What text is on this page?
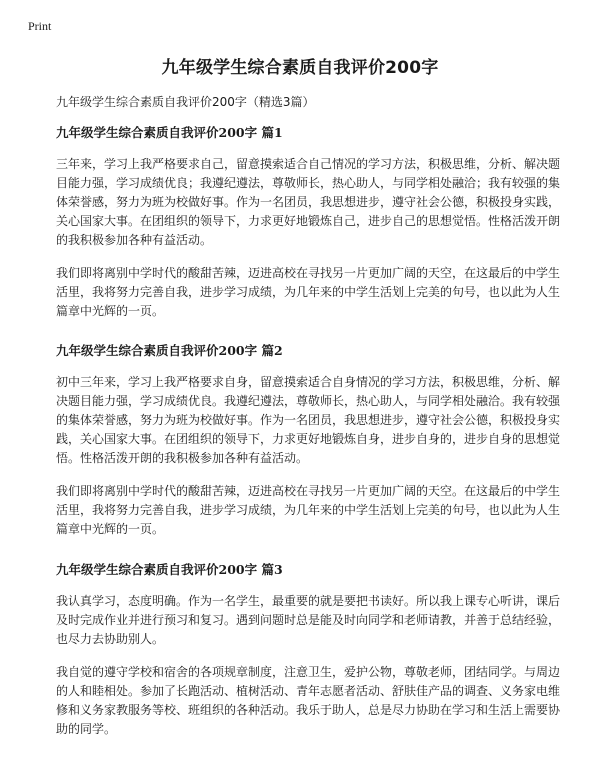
Print
九年级学生综合素质自我评价200字

九年级学生综合素质自我评价200字（精选3篇）

九年级学生综合素质自我评价200字 篇1

三年来，学习上我严格要求自己，留意摸索适合自己情况的学习方法，积极思维，分析、解决题目能力强，学习成绩优良；我遵纪遵法，尊敬师长，热心助人，与同学相处融洽；我有较强的集体荣誉感，努力为班为校做好事。作为一名团员，我思想进步，遵守社会公德，积极投身实践，关心国家大事。在团组织的领导下，力求更好地锻炼自己，进步自己的思想觉悟。性格活泼开朗的我积极参加各种有益活动。

我们即将离别中学时代的酸甜苦辣，迈进高校在寻找另一片更加广阔的天空，在这最后的中学生活里，我将努力完善自我，进步学习成绩，为几年来的中学生活划上完美的句号，也以此为人生篇章中光辉的一页。

九年级学生综合素质自我评价200字 篇2

初中三年来，学习上我严格要求自身，留意摸索适合自身情况的学习方法，积极思维，分析、解决题目能力强，学习成绩优良。我遵纪遵法，尊敬师长，热心助人，与同学相处融洽。我有较强的集体荣誉感，努力为班为校做好事。作为一名团员，我思想进步，遵守社会公德，积极投身实践，关心国家大事。在团组织的领导下，力求更好地锻炼自身，进步自身的，进步自身的思想觉悟。性格活泼开朗的我积极参加各种有益活动。

我们即将离别中学时代的酸甜苦辣，迈进高校在寻找另一片更加广阔的天空。在这最后的中学生活里，我将努力完善自我，进步学习成绩，为几年来的中学生活划上完美的句号，也以此为人生篇章中光辉的一页。

九年级学生综合素质自我评价200字 篇3

我认真学习，态度明确。作为一名学生，最重要的就是要把书读好。所以我上课专心听讲，课后及时完成作业并进行预习和复习。遇到问题时总是能及时向同学和老师请教，并善于总结经验，也尽力去协助别人。

我自觉的遵守学校和宿舍的各项规章制度，注意卫生，爱护公物，尊敬老师，团结同学。与周边的人和睦相处。参加了长跑活动、植树活动、青年志愿者活动、舒肤佳产品的调查、义务家电维修和义务家教服务等校、班组织的各种活动。我乐于助人，总是尽力协助在学习和生活上需要协助的同学。
